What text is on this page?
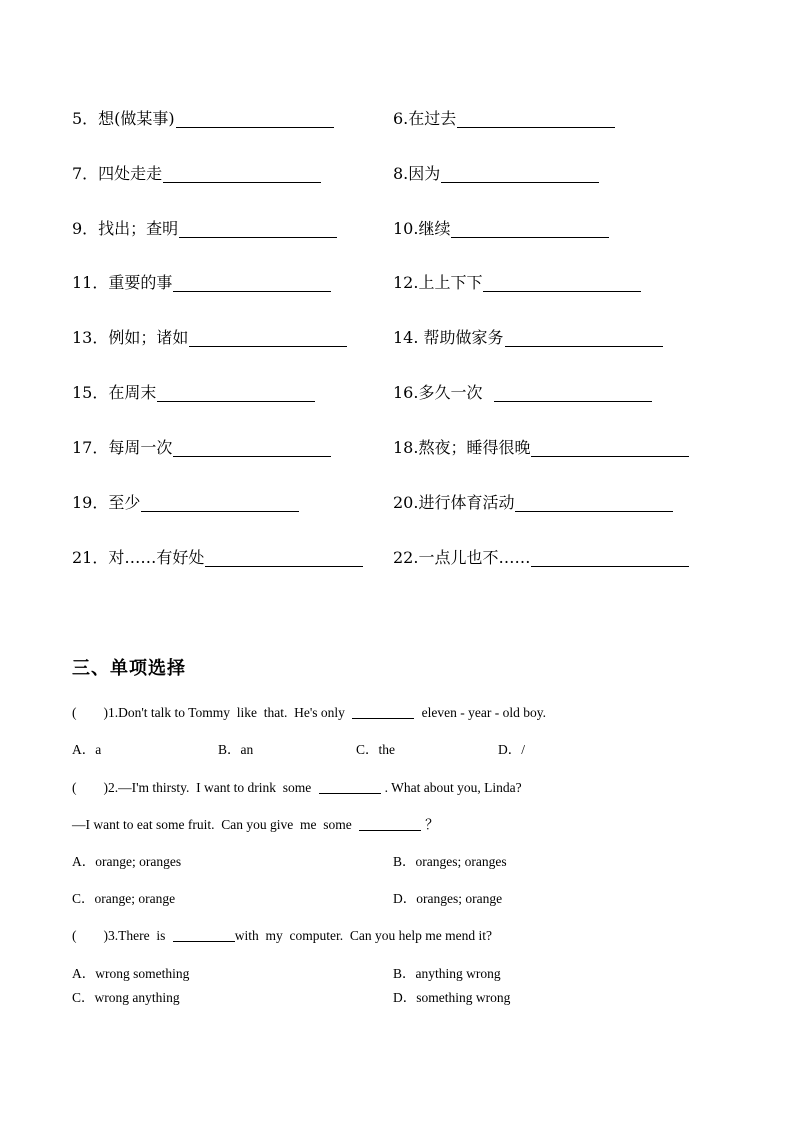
5．想(做某事)	6.在过去
7．四处走走	8.因为
9．找出；查明	10.继续
11．重要的事	12.上上下下
13．例如；诸如	14. 帮助做家务
15．在周末	16.多久一次
17．每周一次	18.熬夜；睡得很晚
19．至少	20.进行体育活动
21．对……有好处	22.一点儿也不……
三、单项选择
(        )1.Don't talk to Tommy  like  that.  He's only	eleven - year - old boy.
A．a	B．an	C．the	D．/
(        )2.—I'm thirsty.  I want to drink  some	. What about you, Linda?
—I want to eat some fruit.  Can you give  me  some	？
A．orange; oranges	B．oranges; oranges
C．orange; orange	D．oranges; orange
(        )3.There  is	with  my  computer.  Can you help me mend it?
A．wrong something	B．anything wrong
C．wrong anything	D．something wrong
